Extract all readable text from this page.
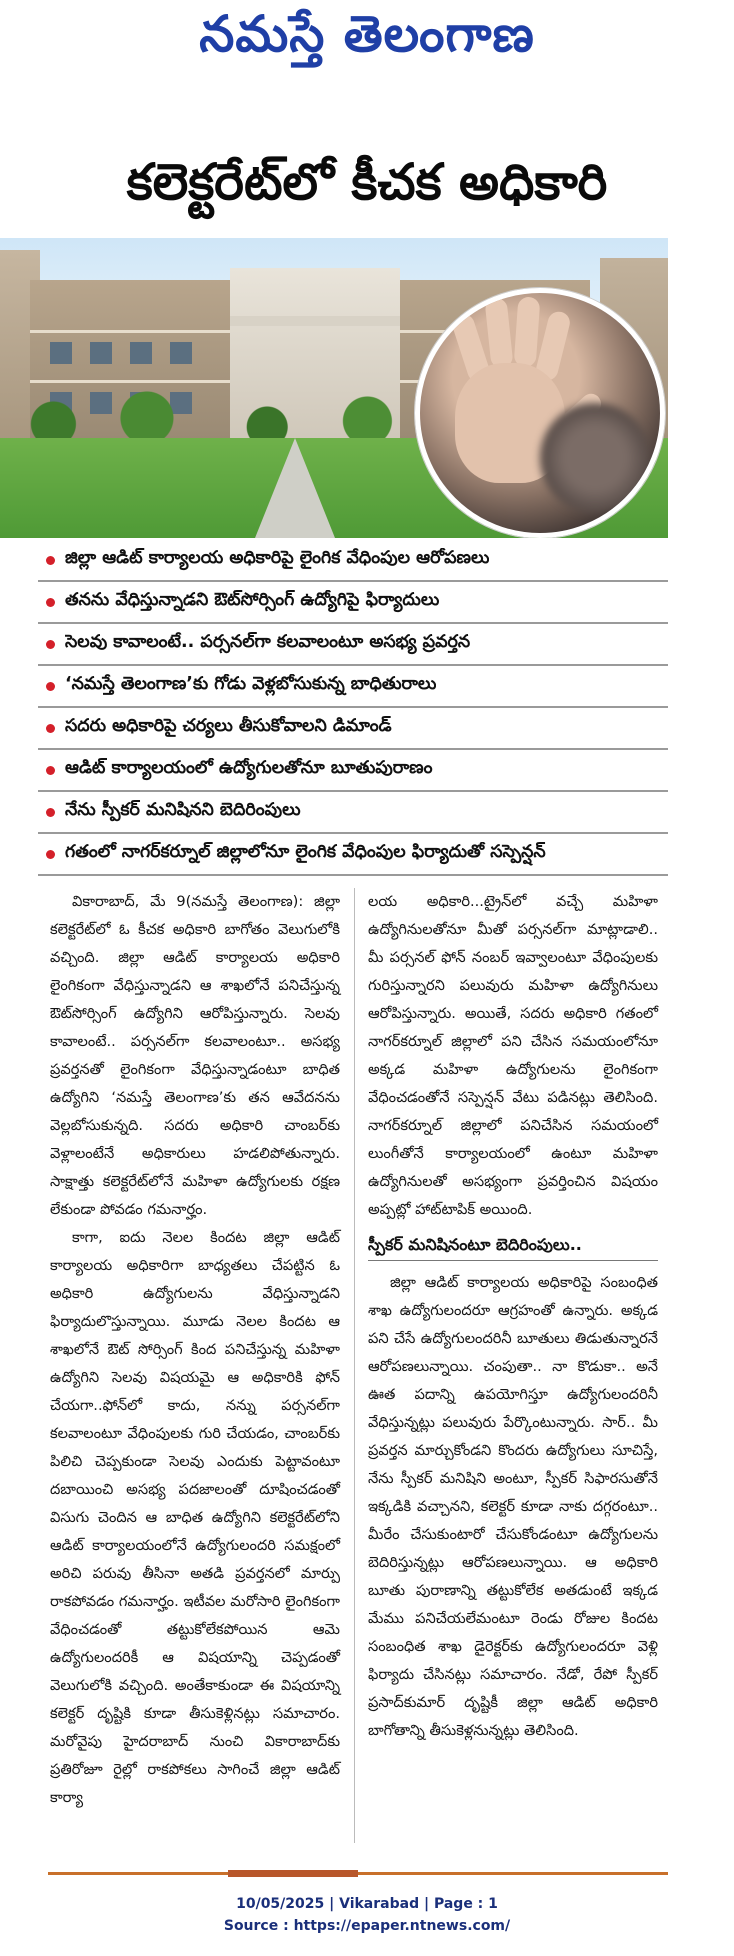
నమస్తే తెలంగాణ
కలెక్టరేట్‌లో కీచక అధికారి
జిల్లా ఆడిట్ కార్యాలయ అధికారిపై లైంగిక వేధింపుల ఆరోపణలు
తనను వేధిస్తున్నాడని ఔట్‌సోర్సింగ్ ఉద్యోగిపై ఫిర్యాదులు
సెలవు కావాలంటే.. పర్సనల్‌గా కలవాలంటూ అసభ్య ప్రవర్తన
‘నమస్తే తెలంగాణ’కు గోడు వెళ్లబోసుకున్న బాధితురాలు
సదరు అధికారిపై చర్యలు తీసుకోవాలని డిమాండ్
ఆడిట్ కార్యాలయంలో ఉద్యోగులతోనూ బూతుపురాణం
నేను స్పీకర్ మనిషినని బెదిరింపులు
గతంలో నాగర్‌కర్నూల్ జిల్లాలోనూ లైంగిక వేధింపుల ఫిర్యాదుతో సస్పెన్షన్

వికారాబాద్, మే 9(నమస్తే తెలంగాణ): జిల్లా కలెక్టరేట్‌లో ఓ కీచక అధికారి బాగోతం వెలుగులోకి వచ్చింది. జిల్లా ఆడిట్ కార్యాలయ అధికారి లైంగికంగా వేధిస్తున్నాడని ఆ శాఖలోనే పనిచేస్తున్న ఔట్‌సోర్సింగ్ ఉద్యోగిని ఆరోపిస్తున్నారు. సెలవు కావాలంటే.. పర్సనల్‌గా కలవాలంటూ.. అసభ్య ప్రవర్తనతో లైంగికంగా వేధిస్తున్నాడంటూ బాధిత ఉద్యోగిని ‘నమస్తే తెలంగాణ’కు తన ఆవేదనను వెల్లబోసుకున్నది. సదరు అధికారి చాంబర్‌కు వెళ్లాలంటేనే అధికారులు హడలిపోతున్నారు. సాక్షాత్తు కలెక్టరేట్‌లోనే మహిళా ఉద్యోగులకు రక్షణ లేకుండా పోవడం గమనార్హం.

కాగా, ఐదు నెలల కిందట జిల్లా ఆడిట్ కార్యాలయ అధికారిగా బాధ్యతలు చేపట్టిన ఓ అధికారి ఉద్యోగులను వేధిస్తున్నాడని ఫిర్యాదులొస్తున్నాయి. మూడు నెలల కిందట ఆ శాఖలోనే ఔట్ సోర్సింగ్ కింద పనిచేస్తున్న మహిళా ఉద్యోగిని సెలవు విషయమై ఆ అధికారికి ఫోన్ చేయగా..ఫోన్‌లో కాదు, నన్ను పర్సనల్‌గా కలవాలంటూ వేధింపులకు గురి చేయడం, చాంబర్‌కు పిలిచి చెప్పకుండా సెలవు ఎందుకు పెట్టావంటూ దబాయించి అసభ్య పదజాలంతో దూషించడంతో విసుగు చెందిన ఆ బాధిత ఉద్యోగిని కలెక్టరేట్‌లోని ఆడిట్ కార్యాలయంలోనే ఉద్యోగులందరి సమక్షంలో అరిచి పరువు తీసినా అతడి ప్రవర్తనలో మార్పు రాకపోవడం గమనార్హం. ఇటీవల మరోసారి లైంగికంగా వేధించడంతో తట్టుకోలేకపోయిన ఆమె ఉద్యోగులందరికీ ఆ విషయాన్ని చెప్పడంతో వెలుగులోకి వచ్చింది. అంతేకాకుండా ఈ విషయాన్ని కలెక్టర్ దృష్టికి కూడా తీసుకెళ్లినట్లు సమాచారం. మరోవైపు హైదరాబాద్ నుంచి వికారాబాద్‌కు ప్రతిరోజూ రైల్లో రాకపోకలు సాగించే జిల్లా ఆడిట్ కార్యా

లయ అధికారి...ట్రైన్‌లో వచ్చే మహిళా ఉద్యోగినులతోనూ మీతో పర్సనల్‌గా మాట్లాడాలి.. మీ పర్సనల్ ఫోన్ నంబర్ ఇవ్వాలంటూ వేధింపులకు గురిస్తున్నారని పలువురు మహిళా ఉద్యోగినులు ఆరోపిస్తున్నారు. అయితే, సదరు అధికారి గతంలో నాగర్‌కర్నూల్ జిల్లాలో పని చేసిన సమయంలోనూ అక్కడ మహిళా ఉద్యోగులను లైంగికంగా వేధించడంతోనే సస్పెన్షన్ వేటు పడినట్లు తెలిసింది. నాగర్‌కర్నూల్ జిల్లాలో పనిచేసిన సమయంలో లుంగీతోనే కార్యాలయంలో ఉంటూ మహిళా ఉద్యోగినులతో అసభ్యంగా ప్రవర్తించిన విషయం అప్పట్లో హాట్‌టాపిక్ అయింది.

స్పీకర్ మనిషినంటూ బెదిరింపులు..

జిల్లా ఆడిట్ కార్యాలయ అధికారిపై సంబంధిత శాఖ ఉద్యోగులందరూ ఆగ్రహంతో ఉన్నారు. అక్కడ పని చేసే ఉద్యోగులందరినీ బూతులు తిడుతున్నారనే ఆరోపణలున్నాయి. చంపుతా.. నా కొడుకా.. అనే ఊత పదాన్ని ఉపయోగిస్తూ ఉద్యోగులందరినీ వేధిస్తున్నట్లు పలువురు పేర్కొంటున్నారు. సార్.. మీ ప్రవర్తన మార్చుకోండని కొందరు ఉద్యోగులు సూచిస్తే, నేను స్పీకర్ మనిషిని అంటూ, స్పీకర్ సిఫారసుతోనే ఇక్కడికి వచ్చానని, కలెక్టర్ కూడా నాకు దగ్గరంటూ.. మీరేం చేసుకుంటారో చేసుకోండంటూ ఉద్యోగులను బెదిరిస్తున్నట్లు ఆరోపణలున్నాయి. ఆ అధికారి బూతు పురాణాన్ని తట్టుకోలేక అతడుంటే ఇక్కడ మేము పనిచేయలేమంటూ రెండు రోజుల కిందట సంబంధిత శాఖ డైరెక్టర్‌కు ఉద్యోగులందరూ వెళ్లి ఫిర్యాదు చేసినట్లు సమాచారం. నేడో, రేపో స్పీకర్ ప్రసాద్‌కుమార్ దృష్టికీ జిల్లా ఆడిట్ అధికారి బాగోతాన్ని తీసుకెళ్లనున్నట్లు తెలిసింది.

10/05/2025 | Vikarabad | Page : 1
Source : https://epaper.ntnews.com/
